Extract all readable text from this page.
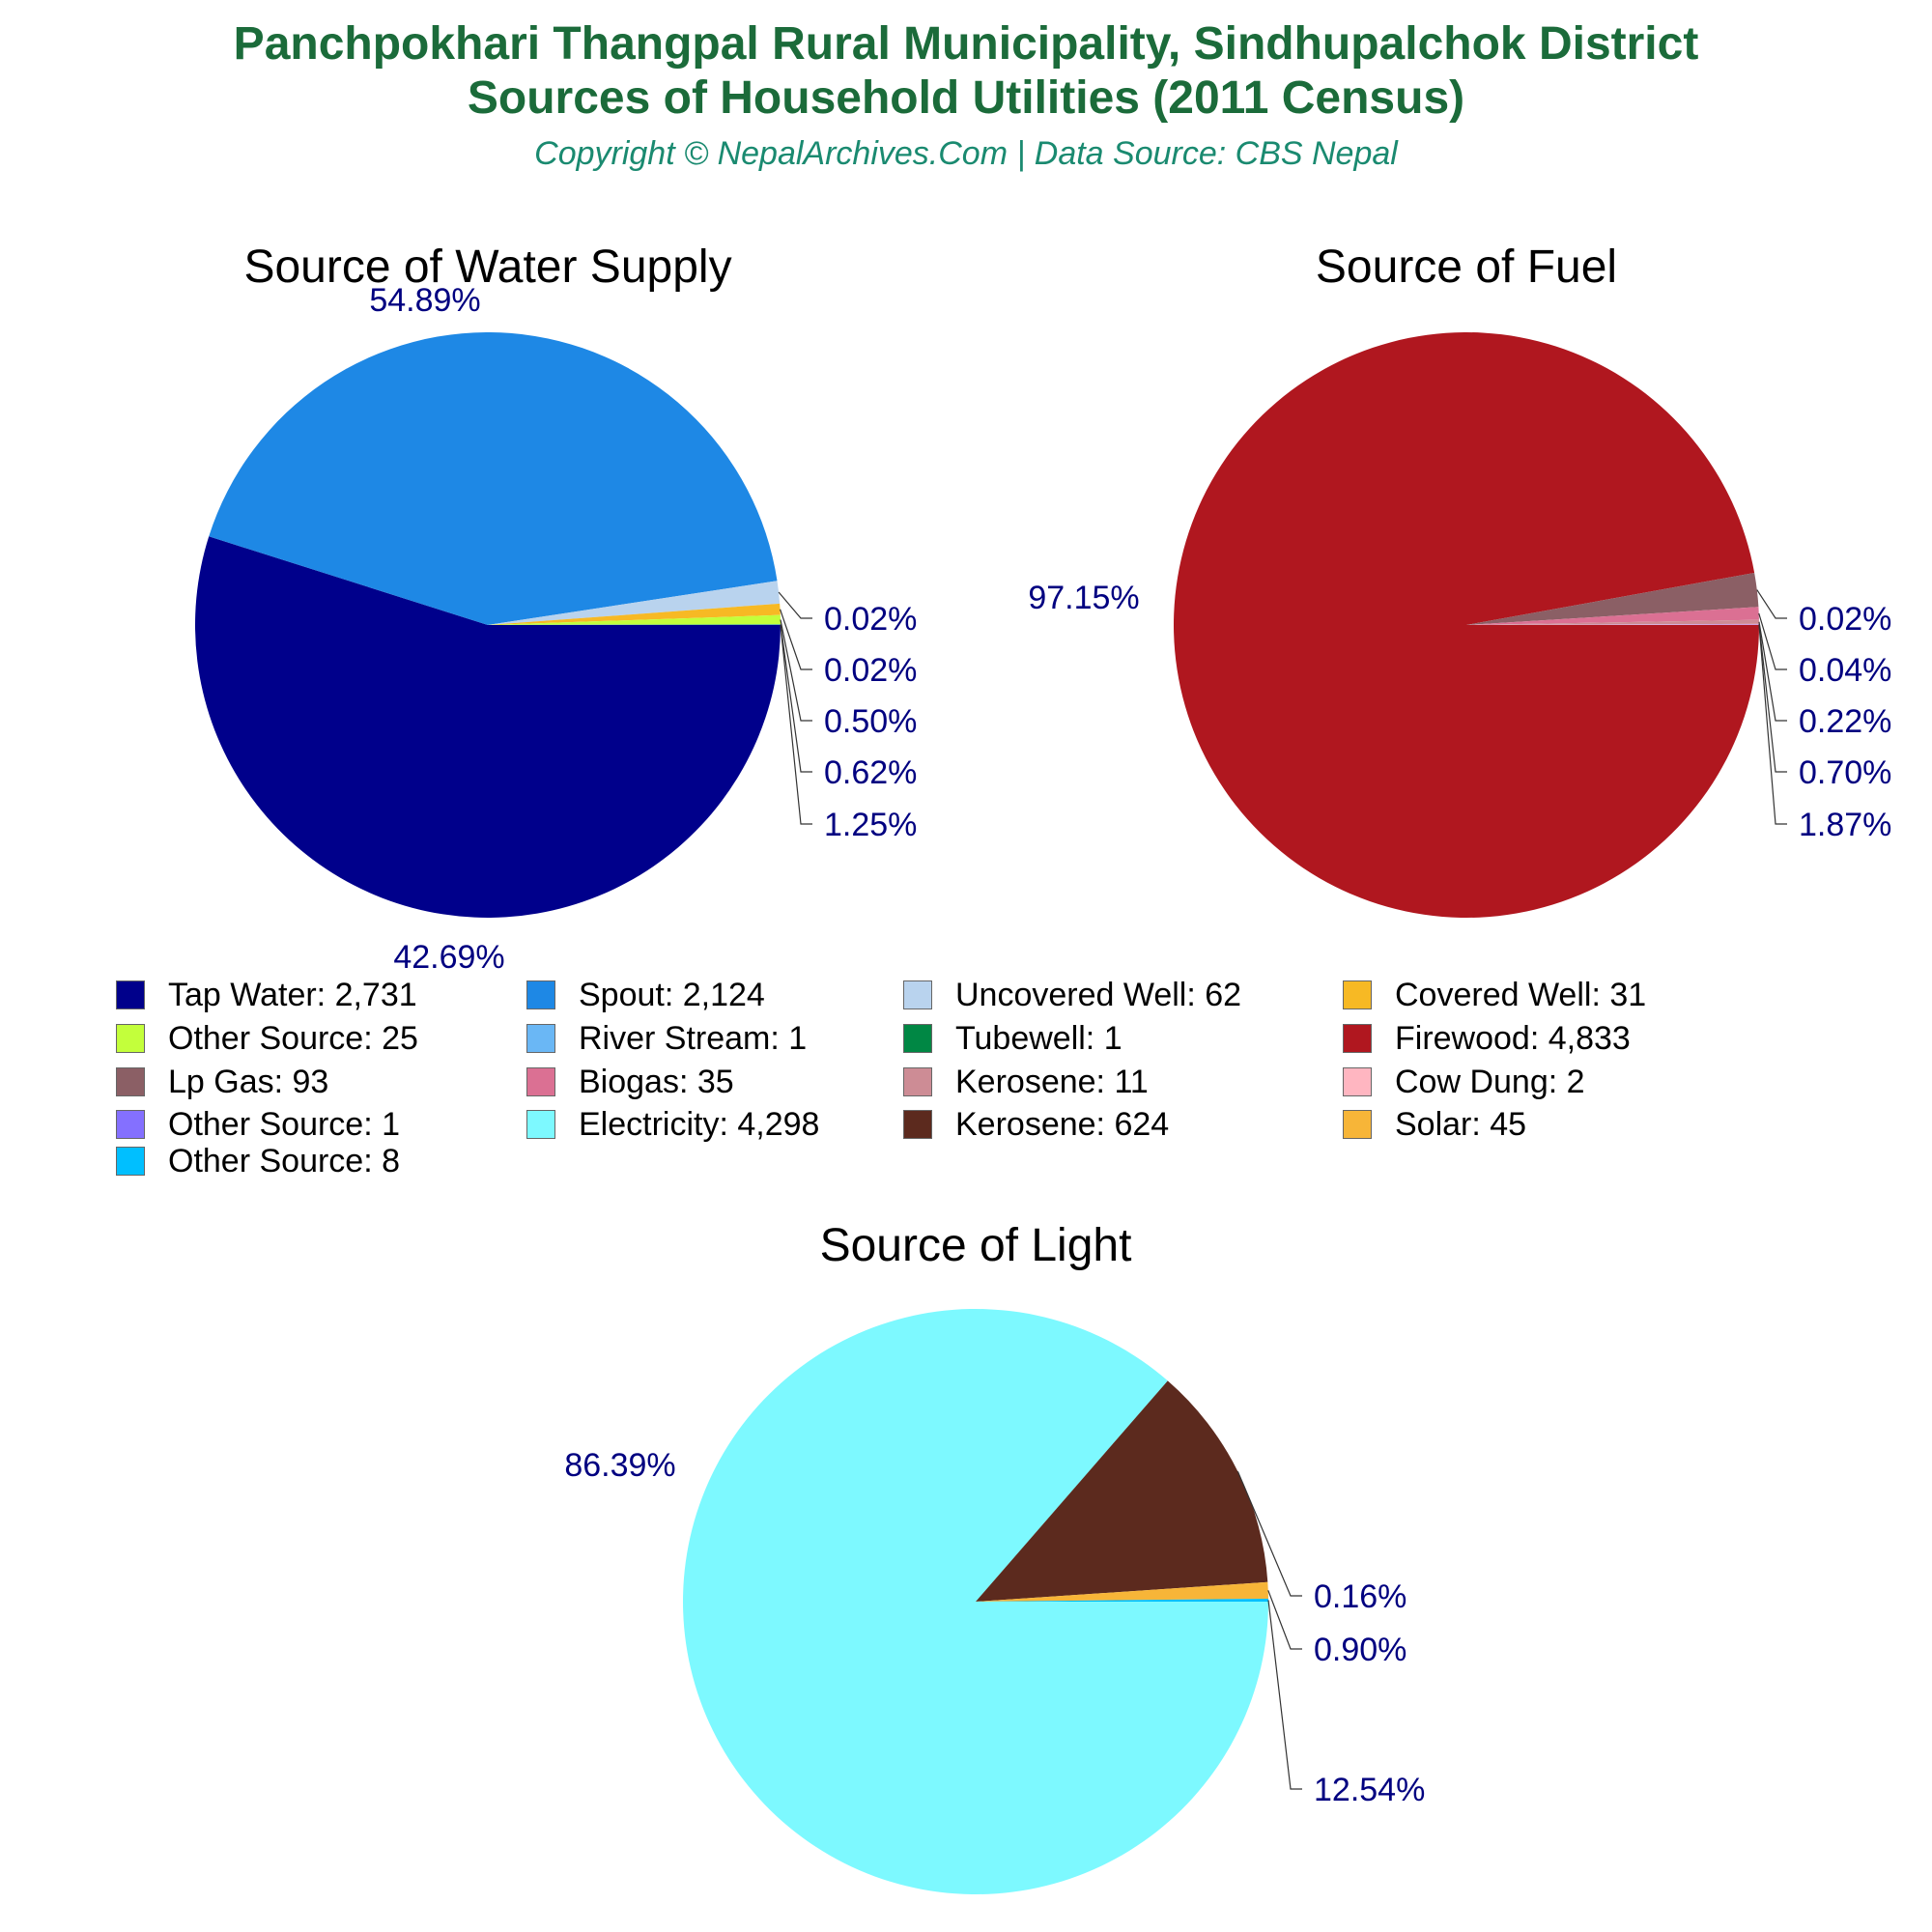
Panchpokhari Thangpal Rural Municipality, Sindhupalchok District
Sources of Household Utilities (2011 Census)
Copyright © NepalArchives.Com | Data Source: CBS Nepal
Source of Water Supply
54.89%
42.69%
0.02%
0.02%
0.50%
0.62%
1.25%
Source of Fuel
97.15%
0.02%
0.04%
0.22%
0.70%
1.87%
Source of Light
86.39%
0.16%
0.90%
12.54%
Tap Water: 2,731	Spout: 2,124	Uncovered Well: 62	Covered Well: 31
Other Source: 25	River Stream: 1	Tubewell: 1	Firewood: 4,833
Lp Gas: 93	Biogas: 35	Kerosene: 11	Cow Dung: 2
Other Source: 1	Electricity: 4,298	Kerosene: 624	Solar: 45
Other Source: 8
